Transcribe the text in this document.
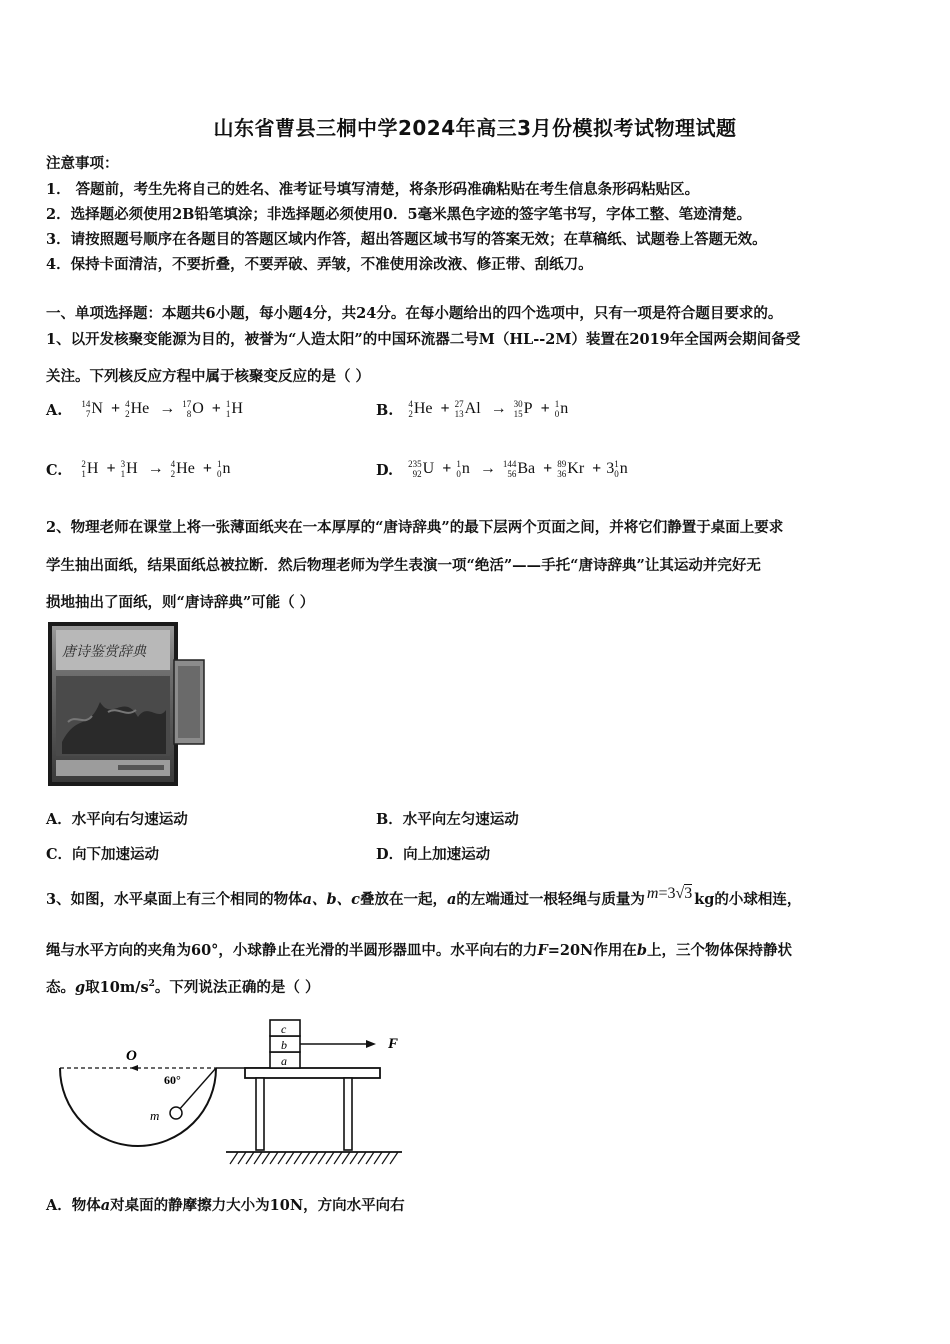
山东省曹县三桐中学2024年高三3月份模拟考试物理试题
注意事项：
1． 答题前，考生先将自己的姓名、准考证号填写清楚，将条形码准确粘贴在考生信息条形码粘贴区。
2．选择题必须使用2B铅笔填涂；非选择题必须使用0．5毫米黑色字迹的签字笔书写，字体工整、笔迹清楚。
3．请按照题号顺序在各题目的答题区域内作答，超出答题区域书写的答案无效；在草稿纸、试题卷上答题无效。
4．保持卡面清洁，不要折叠，不要弄破、弄皱，不准使用涂改液、修正带、刮纸刀。
一、单项选择题：本题共6小题，每小题4分，共24分。在每小题给出的四个选项中，只有一项是符合题目要求的。
1、以开发核聚变能源为目的，被誉为“人造太阳”的中国环流器二号M（HL--2M）装置在2019年全国两会期间备受
关注。下列核反应方程中属于核聚变反应的是（ ）
A. 14
7 N + 4
2 He → 17
8 O + 1
1 H	B. 4
2 He + 27
13 Al → 30
15 P + 1
0 n
C. 2
1 H + 3
1 H → 4
2 He + 1
0 n	D. 235
92 U + 1
0 n → 144
56 Ba + 89
36 Kr + 3 1
0 n
2、物理老师在课堂上将一张薄面纸夹在一本厚厚的“唐诗辞典”的最下层两个页面之间，并将它们静置于桌面上要求
学生抽出面纸，结果面纸总被拉断．然后物理老师为学生表演一项“绝活”——手托“唐诗辞典”让其运动并完好无
损地抽出了面纸，则“唐诗辞典”可能（ ）
唐诗鉴赏辞典
A．水平向右匀速运动	B．水平向左匀速运动
C．向下加速运动	D．向上加速运动
3、如图，水平桌面上有三个相同的物体a、b、c叠放在一起，a的左端通过一根轻绳与质量为 m=3√3 kg的小球相连，
绳与水平方向的夹角为60°，小球静止在光滑的半圆形器皿中。水平向右的力F=20N作用在b上，三个物体保持静状
态。g取$10m/s^2$。下列说法正确的是（ ）
O
60°
m
a
b
c
F
A．物体a对桌面的静摩擦力大小为10N，方向水平向右
